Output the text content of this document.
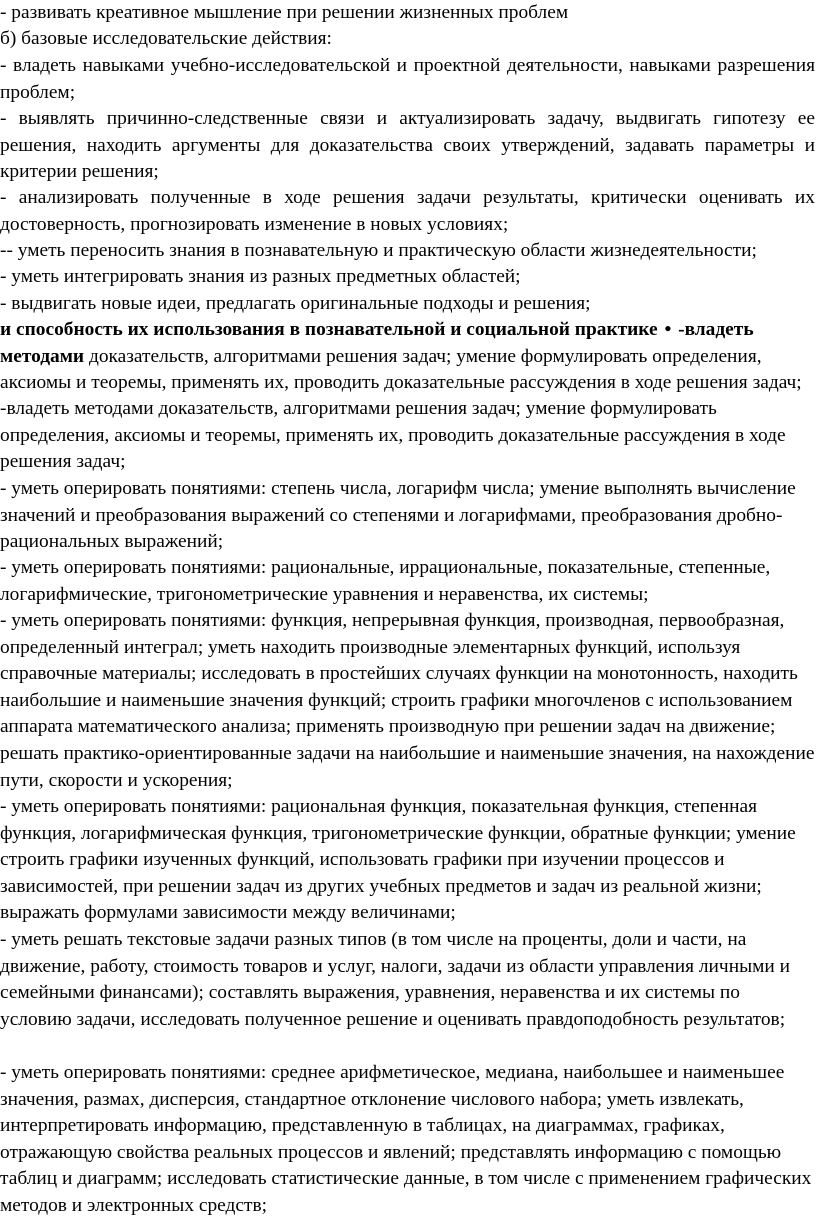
- развивать креативное мышление при решении жизненных проблем

б) базовые исследовательские действия:

- владеть навыками учебно-исследовательской и проектной деятельности, навыками разрешения проблем;

- выявлять причинно-следственные связи и актуализировать задачу, выдвигать гипотезу ее решения, находить аргументы для доказательства своих утверждений, задавать параметры и критерии решения;

- анализировать полученные в ходе решения задачи результаты, критически оценивать их достоверность, прогнозировать изменение в новых условиях;

-- уметь переносить знания в познавательную и практическую области жизнедеятельности;

- уметь интегрировать знания из разных предметных областей;

- выдвигать новые идеи, предлагать оригинальные подходы и решения;

и способность их использования в познавательной и социальной практике • -владеть методами доказательств, алгоритмами решения задач; умение формулировать определения, аксиомы и теоремы, применять их, проводить доказательные рассуждения в ходе решения задач;

-владеть методами доказательств, алгоритмами решения задач; умение формулировать определения, аксиомы и теоремы, применять их, проводить доказательные рассуждения в ходе решения задач;

- уметь оперировать понятиями: степень числа, логарифм числа; умение выполнять вычисление значений и преобразования выражений со степенями и логарифмами, преобразования дробно-рациональных выражений;

- уметь оперировать понятиями: рациональные, иррациональные, показательные, степенные, логарифмические, тригонометрические уравнения и неравенства, их системы;

- уметь оперировать понятиями: функция, непрерывная функция, производная, первообразная, определенный интеграл; уметь находить производные элементарных функций, используя справочные материалы; исследовать в простейших случаях функции на монотонность, находить наибольшие и наименьшие значения функций; строить графики многочленов с использованием аппарата математического анализа; применять производную при решении задач на движение; решать практико-ориентированные задачи на наибольшие и наименьшие значения, на нахождение пути, скорости и ускорения;

- уметь оперировать понятиями: рациональная функция, показательная функция, степенная функция, логарифмическая функция, тригонометрические функции, обратные функции; умение строить графики изученных функций, использовать графики при изучении процессов и зависимостей, при решении задач из других учебных предметов и задач из реальной жизни; выражать формулами зависимости между величинами;

- уметь решать текстовые задачи разных типов (в том числе на проценты, доли и части, на движение, работу, стоимость товаров и услуг, налоги, задачи из области управления личными и семейными финансами); составлять выражения, уравнения, неравенства и их системы по условию задачи, исследовать полученное решение и оценивать правдоподобность результатов;

- уметь оперировать понятиями: среднее арифметическое, медиана, наибольшее и наименьшее значения, размах, дисперсия, стандартное отклонение числового набора; уметь извлекать, интерпретировать информацию, представленную в таблицах, на диаграммах, графиках, отражающую свойства реальных процессов и явлений; представлять информацию с помощью таблиц и диаграмм; исследовать статистические данные, в том числе с применением графических методов и электронных средств;
